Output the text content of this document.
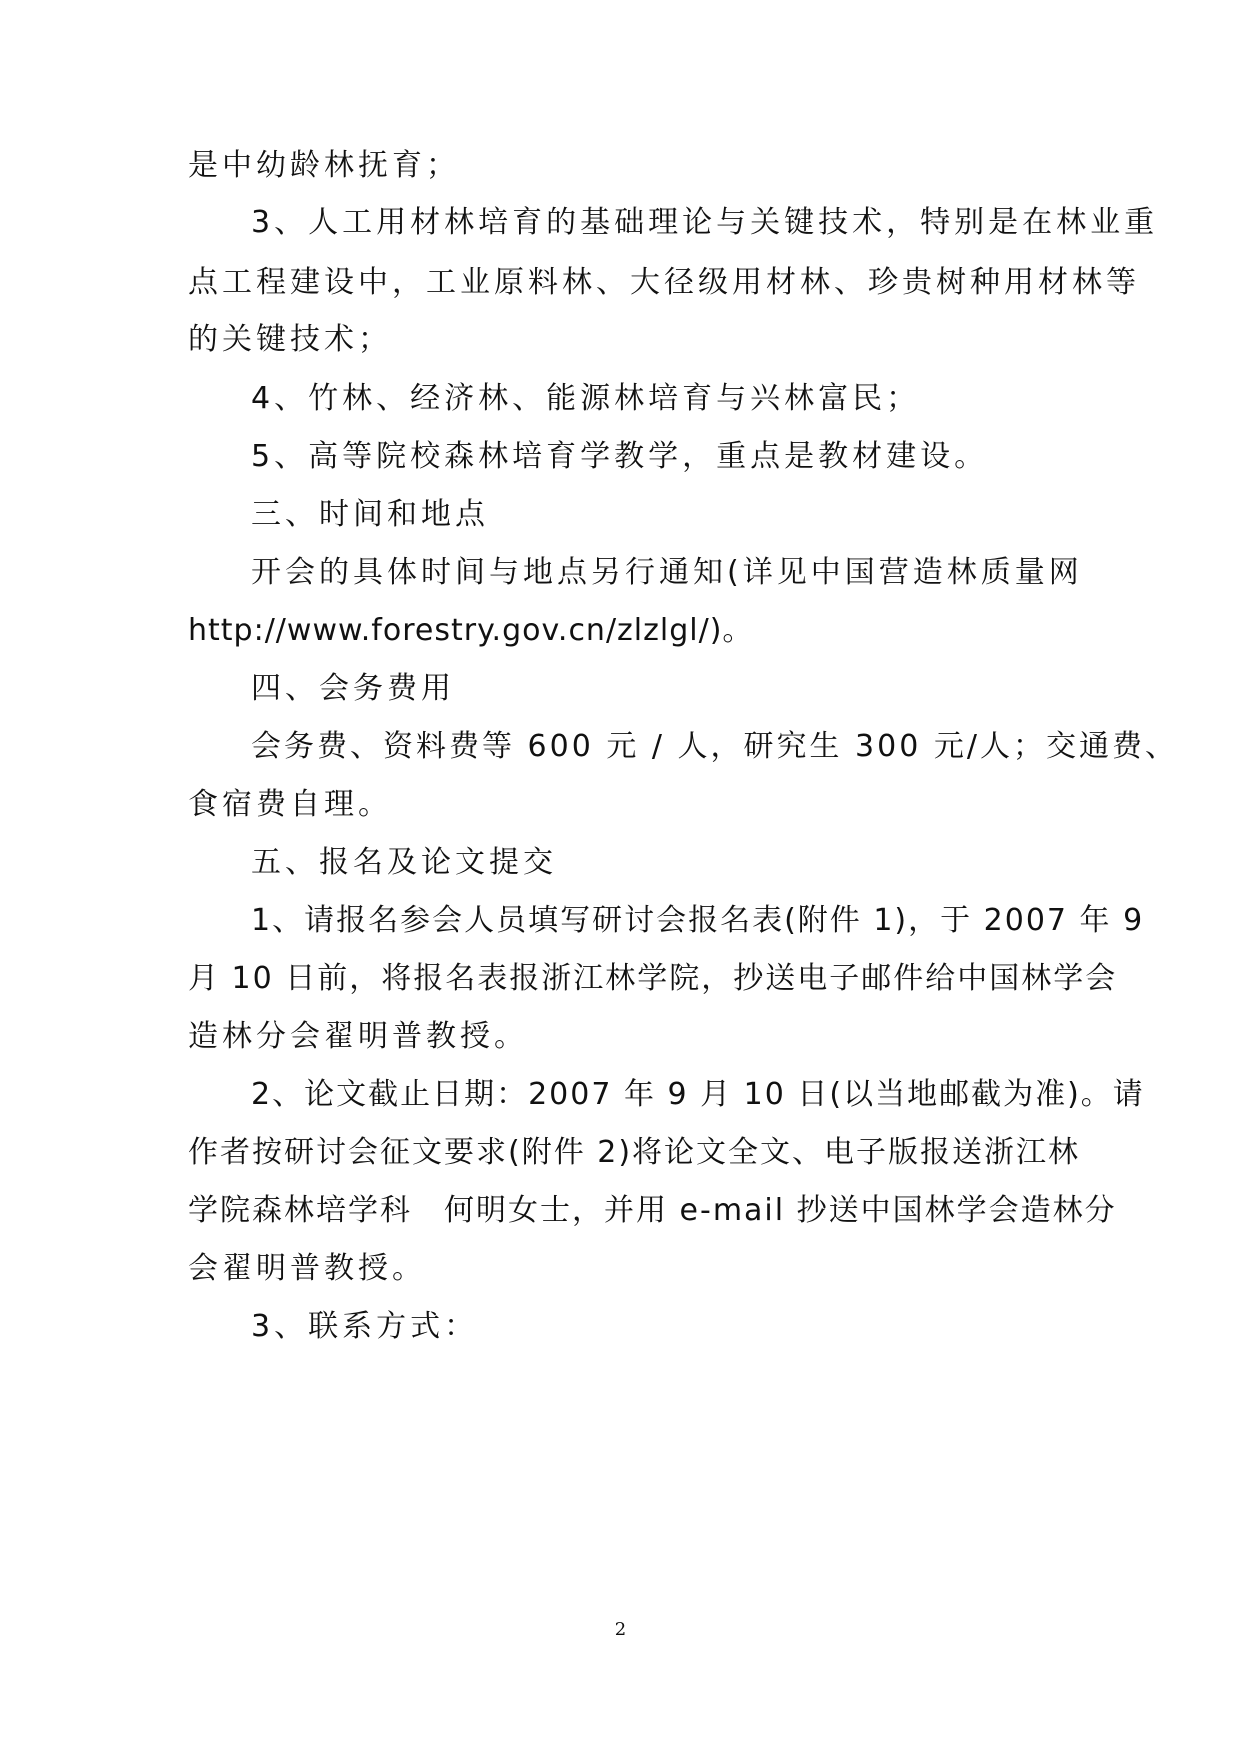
是中幼龄林抚育；
3、人工用材林培育的基础理论与关键技术，特别是在林业重
点工程建设中，工业原料林、大径级用材林、珍贵树种用材林等
的关键技术；
4、竹林、经济林、能源林培育与兴林富民；
5、高等院校森林培育学教学，重点是教材建设。
三、时间和地点
开会的具体时间与地点另行通知(详见中国营造林质量网
http://www.forestry.gov.cn/zlzlgl/)。
四、会务费用
会务费、资料费等 600 元 / 人，研究生 300 元/人；交通费、
食宿费自理。
五、报名及论文提交
1、请报名参会人员填写研讨会报名表(附件 1)，于 2007 年 9
月 10 日前，将报名表报浙江林学院，抄送电子邮件给中国林学会
造林分会翟明普教授。
2、论文截止日期：2007 年 9 月 10 日(以当地邮截为准)。请
作者按研讨会征文要求(附件 2)将论文全文、电子版报送浙江林
学院森林培学科　何明女士，并用 e-mail 抄送中国林学会造林分
会翟明普教授。
3、联系方式：
2
